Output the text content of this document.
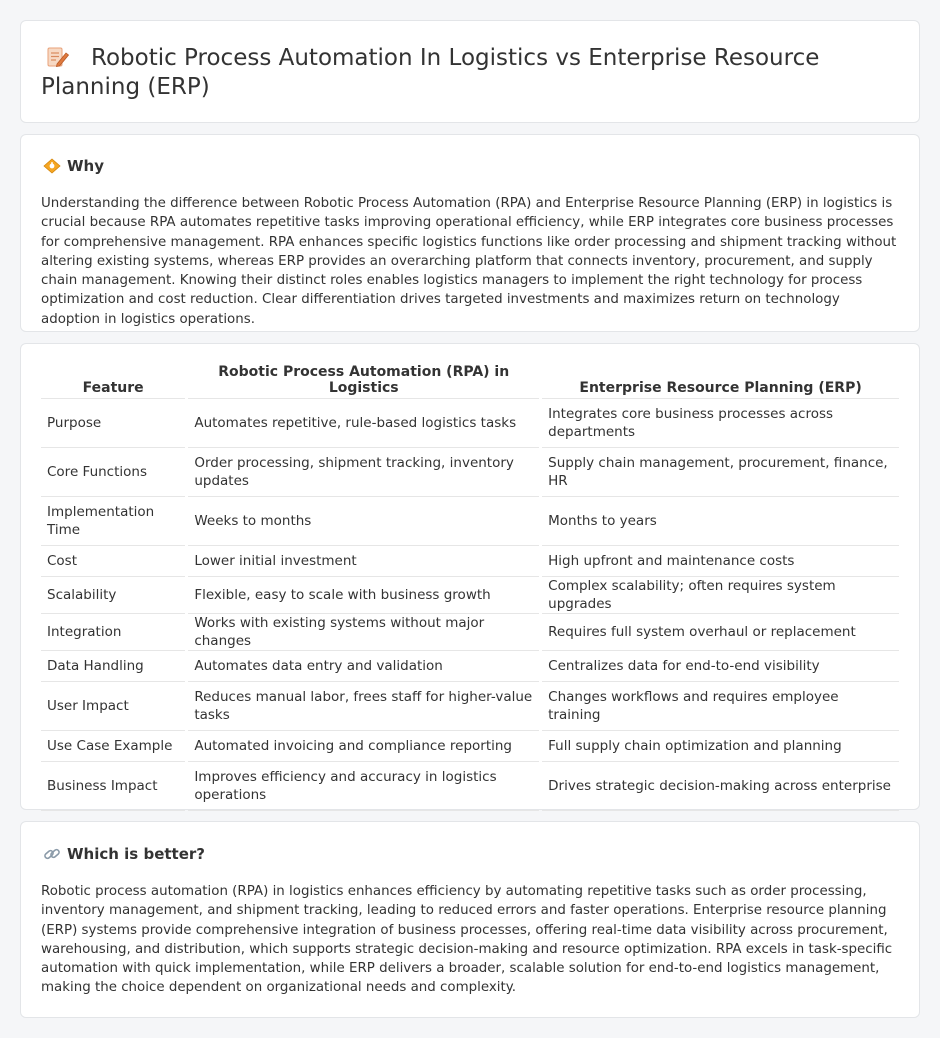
Robotic Process Automation In Logistics vs Enterprise Resource Planning (ERP)
Why

Understanding the difference between Robotic Process Automation (RPA) and Enterprise Resource Planning (ERP) in logistics is crucial because RPA automates repetitive tasks improving operational efficiency, while ERP integrates core business processes for comprehensive management. RPA enhances specific logistics functions like order processing and shipment tracking without altering existing systems, whereas ERP provides an overarching platform that connects inventory, procurement, and supply chain management. Knowing their distinct roles enables logistics managers to implement the right technology for process optimization and cost reduction. Clear differentiation drives targeted investments and maximizes return on technology adoption in logistics operations.

Feature	Robotic Process Automation (RPA) in Logistics	Enterprise Resource Planning (ERP)
Purpose	Automates repetitive, rule-based logistics tasks	Integrates core business processes across departments
Core Functions	Order processing, shipment tracking, inventory updates	Supply chain management, procurement, finance, HR
Implementation Time	Weeks to months	Months to years
Cost	Lower initial investment	High upfront and maintenance costs
Scalability	Flexible, easy to scale with business growth	Complex scalability; often requires system upgrades
Integration	Works with existing systems without major changes	Requires full system overhaul or replacement
Data Handling	Automates data entry and validation	Centralizes data for end-to-end visibility
User Impact	Reduces manual labor, frees staff for higher-value tasks	Changes workflows and requires employee training
Use Case Example	Automated invoicing and compliance reporting	Full supply chain optimization and planning
Business Impact	Improves efficiency and accuracy in logistics operations	Drives strategic decision-making across enterprise
Which is better?

Robotic process automation (RPA) in logistics enhances efficiency by automating repetitive tasks such as order processing, inventory management, and shipment tracking, leading to reduced errors and faster operations. Enterprise resource planning (ERP) systems provide comprehensive integration of business processes, offering real-time data visibility across procurement, warehousing, and distribution, which supports strategic decision-making and resource optimization. RPA excels in task-specific automation with quick implementation, while ERP delivers a broader, scalable solution for end-to-end logistics management, making the choice dependent on organizational needs and complexity.
